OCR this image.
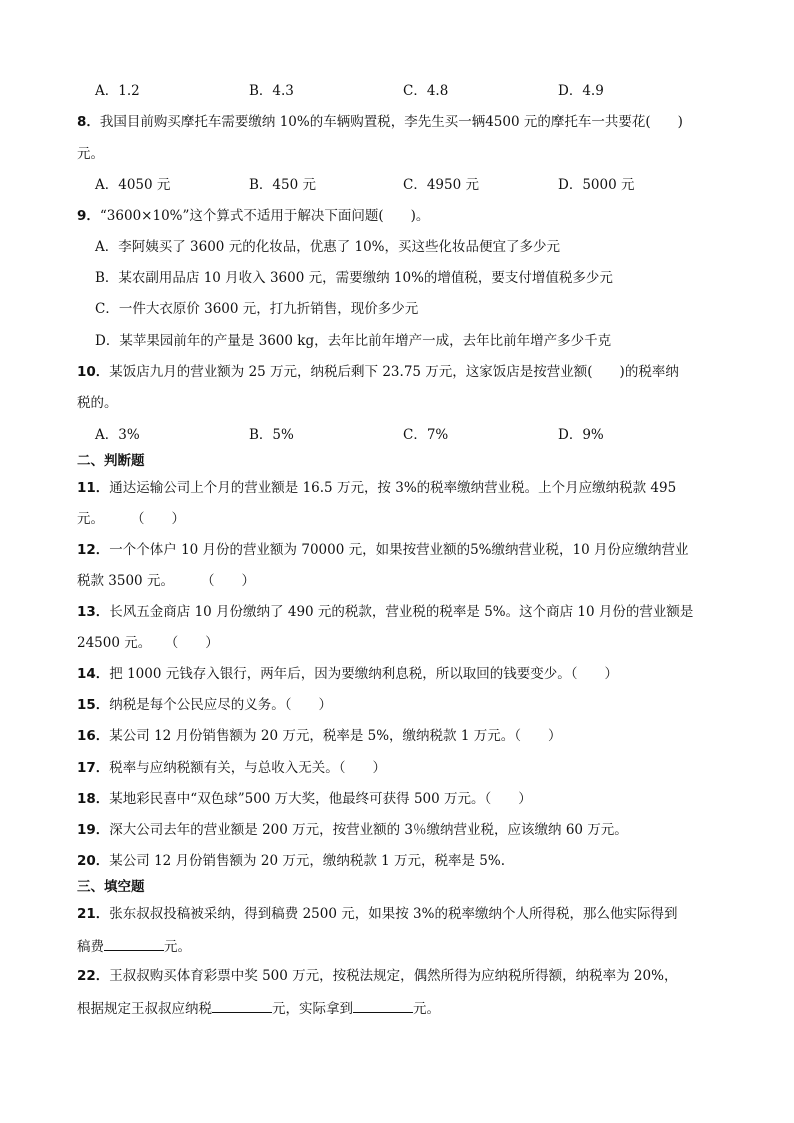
A．1.2	B．4.3	C．4.8	D．4.9
8．我国目前购买摩托车需要缴纳 10%的车辆购置税，李先生买一辆4500 元的摩托车一共要花(　　)
元。
A．4050 元	B．450 元	C．4950 元	D．5000 元
9．“3600×10%”这个算式不适用于解决下面问题(　　)。
A．李阿姨买了 3600 元的化妆品，优惠了 10%，买这些化妆品便宜了多少元
B．某农副用品店 10 月收入 3600 元，需要缴纳 10%的增值税，要支付增值税多少元
C．一件大衣原价 3600 元，打九折销售，现价多少元
D．某苹果园前年的产量是 3600 kg，去年比前年增产一成，去年比前年增产多少千克
10．某饭店九月的营业额为 25 万元，纳税后剩下 23.75 万元，这家饭店是按营业额(　　)的税率纳
税的。
A．3%	B．5%	C．7%	D．9%
二、判断题
11．通达运输公司上个月的营业额是 16.5 万元，按 3%的税率缴纳营业税。上个月应缴纳税款 495
元。　　　（　　）
12．一个个体户 10 月份的营业额为 70000 元，如果按营业额的5%缴纳营业税，10 月份应缴纳营业
税款 3500 元。　　　（　　）
13．长风五金商店 10 月份缴纳了 490 元的税款，营业税的税率是 5%。这个商店 10 月份的营业额是
24500 元。　　（　　）
14．把 1000 元钱存入银行，两年后，因为要缴纳利息税，所以取回的钱要变少。（　　）
15．纳税是每个公民应尽的义务。（　　）
16．某公司 12 月份销售额为 20 万元，税率是 5%，缴纳税款 1 万元。（　　）
17．税率与应纳税额有关，与总收入无关。（　　）
18．某地彩民喜中“双色球”500 万大奖，他最终可获得 500 万元。（　　）
19．深大公司去年的营业额是 200 万元，按营业额的 3％缴纳营业税，应该缴纳 60 万元。
20．某公司 12 月份销售额为 20 万元，缴纳税款 1 万元，税率是 5%.
三、填空题
21．张东叔叔投稿被采纳，得到稿费 2500 元，如果按 3%的税率缴纳个人所得税，那么他实际得到
稿费	元。
22．王叔叔购买体育彩票中奖 500 万元，按税法规定，偶然所得为应纳税所得额，纳税率为 20%，
根据规定王叔叔应纳税	元，实际拿到	元。
